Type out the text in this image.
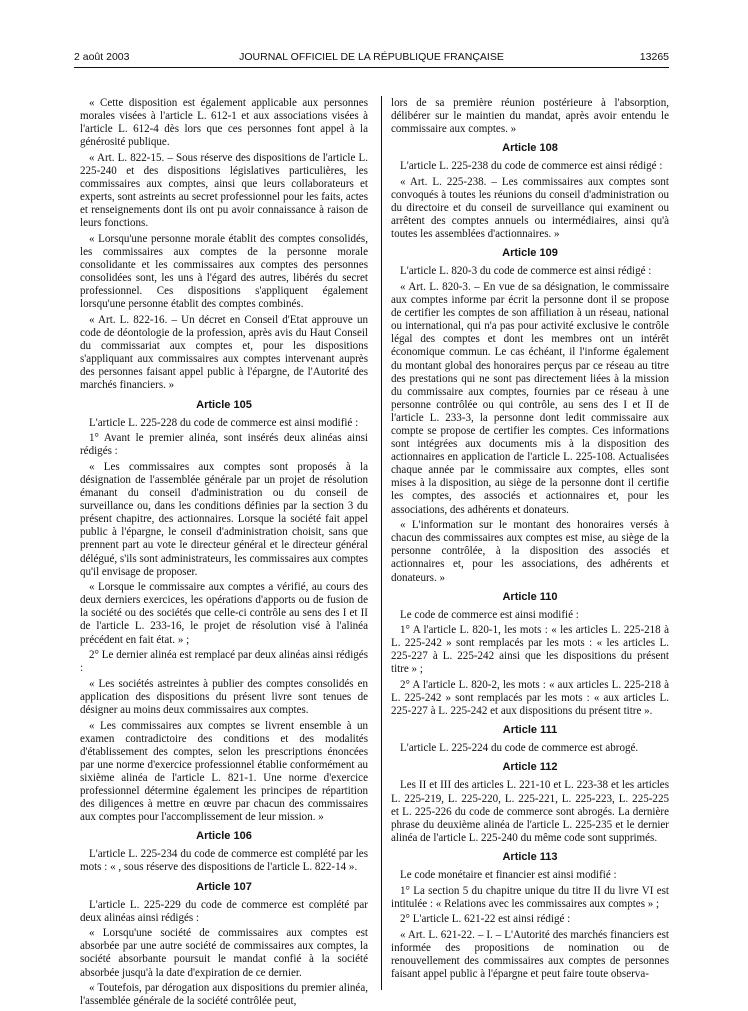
2 août 2003	JOURNAL OFFICIEL DE LA RÉPUBLIQUE FRANÇAISE	13265

« Cette disposition est également applicable aux personnes morales visées à l'article L. 612-1 et aux associations visées à l'article L. 612-4 dès lors que ces personnes font appel à la générosité publique.

« Art. L. 822-15. – Sous réserve des dispositions de l'article L. 225-240 et des dispositions législatives particulières, les commissaires aux comptes, ainsi que leurs collaborateurs et experts, sont astreints au secret professionnel pour les faits, actes et renseignements dont ils ont pu avoir connaissance à raison de leurs fonctions.

« Lorsqu'une personne morale établit des comptes consolidés, les commissaires aux comptes de la personne morale consolidante et les commissaires aux comptes des personnes consolidées sont, les uns à l'égard des autres, libérés du secret professionnel. Ces dispositions s'appliquent également lorsqu'une personne établit des comptes combinés.

« Art. L. 822-16. – Un décret en Conseil d'Etat approuve un code de déontologie de la profession, après avis du Haut Conseil du commissariat aux comptes et, pour les dispositions s'appliquant aux commissaires aux comptes intervenant auprès des personnes faisant appel public à l'épargne, de l'Autorité des marchés financiers. »

Article 105

L'article L. 225-228 du code de commerce est ainsi modifié :

1° Avant le premier alinéa, sont insérés deux alinéas ainsi rédigés :

« Les commissaires aux comptes sont proposés à la désignation de l'assemblée générale par un projet de résolution émanant du conseil d'administration ou du conseil de surveillance ou, dans les conditions définies par la section 3 du présent chapitre, des actionnaires. Lorsque la société fait appel public à l'épargne, le conseil d'administration choisit, sans que prennent part au vote le directeur général et le directeur général délégué, s'ils sont administrateurs, les commissaires aux comptes qu'il envisage de proposer.

« Lorsque le commissaire aux comptes a vérifié, au cours des deux derniers exercices, les opérations d'apports ou de fusion de la société ou des sociétés que celle-ci contrôle au sens des I et II de l'article L. 233-16, le projet de résolution visé à l'alinéa précédent en fait état. » ;

2° Le dernier alinéa est remplacé par deux alinéas ainsi rédigés :

« Les sociétés astreintes à publier des comptes consolidés en application des dispositions du présent livre sont tenues de désigner au moins deux commissaires aux comptes.

« Les commissaires aux comptes se livrent ensemble à un examen contradictoire des conditions et des modalités d'établissement des comptes, selon les prescriptions énoncées par une norme d'exercice professionnel établie conformément au sixième alinéa de l'article L. 821-1. Une norme d'exercice professionnel détermine également les principes de répartition des diligences à mettre en œuvre par chacun des commissaires aux comptes pour l'accomplissement de leur mission. »

Article 106

L'article L. 225-234 du code de commerce est complété par les mots : « , sous réserve des dispositions de l'article L. 822-14 ».

Article 107

L'article L. 225-229 du code de commerce est complété par deux alinéas ainsi rédigés :

« Lorsqu'une société de commissaires aux comptes est absorbée par une autre société de commissaires aux comptes, la société absorbante poursuit le mandat confié à la société absorbée jusqu'à la date d'expiration de ce dernier.

« Toutefois, par dérogation aux dispositions du premier alinéa, l'assemblée générale de la société contrôlée peut,

lors de sa première réunion postérieure à l'absorption, délibérer sur le maintien du mandat, après avoir entendu le commissaire aux comptes. »

Article 108

L'article L. 225-238 du code de commerce est ainsi rédigé :

« Art. L. 225-238. – Les commissaires aux comptes sont convoqués à toutes les réunions du conseil d'administration ou du directoire et du conseil de surveillance qui examinent ou arrêtent des comptes annuels ou intermédiaires, ainsi qu'à toutes les assemblées d'actionnaires. »

Article 109

L'article L. 820-3 du code de commerce est ainsi rédigé :

« Art. L. 820-3. – En vue de sa désignation, le commissaire aux comptes informe par écrit la personne dont il se propose de certifier les comptes de son affiliation à un réseau, national ou international, qui n'a pas pour activité exclusive le contrôle légal des comptes et dont les membres ont un intérêt économique commun. Le cas échéant, il l'informe également du montant global des honoraires perçus par ce réseau au titre des prestations qui ne sont pas directement liées à la mission du commissaire aux comptes, fournies par ce réseau à une personne contrôlée ou qui contrôle, au sens des I et II de l'article L. 233-3, la personne dont ledit commissaire aux compte se propose de certifier les comptes. Ces informations sont intégrées aux documents mis à la disposition des actionnaires en application de l'article L. 225-108. Actualisées chaque année par le commissaire aux comptes, elles sont mises à la disposition, au siège de la personne dont il certifie les comptes, des associés et actionnaires et, pour les associations, des adhérents et donateurs.

« L'information sur le montant des honoraires versés à chacun des commissaires aux comptes est mise, au siège de la personne contrôlée, à la disposition des associés et actionnaires et, pour les associations, des adhérents et donateurs. »

Article 110

Le code de commerce est ainsi modifié :

1° A l'article L. 820-1, les mots : « les articles L. 225-218 à L. 225-242 » sont remplacés par les mots : « les articles L. 225-227 à L. 225-242 ainsi que les dispositions du présent titre » ;

2° A l'article L. 820-2, les mots : « aux articles L. 225-218 à L. 225-242 » sont remplacés par les mots : « aux articles L. 225-227 à L. 225-242 et aux dispositions du présent titre ».

Article 111

L'article L. 225-224 du code de commerce est abrogé.

Article 112

Les II et III des articles L. 221-10 et L. 223-38 et les articles L. 225-219, L. 225-220, L. 225-221, L. 225-223, L. 225-225 et L. 225-226 du code de commerce sont abrogés. La dernière phrase du deuxième alinéa de l'article L. 225-235 et le dernier alinéa de l'article L. 225-240 du même code sont supprimés.

Article 113

Le code monétaire et financier est ainsi modifié :

1° La section 5 du chapitre unique du titre II du livre VI est intitulée : « Relations avec les commissaires aux comptes » ;

2° L'article L. 621-22 est ainsi rédigé :

« Art. L. 621-22. – I. – L'Autorité des marchés financiers est informée des propositions de nomination ou de renouvellement des commissaires aux comptes de personnes faisant appel public à l'épargne et peut faire toute observa-
